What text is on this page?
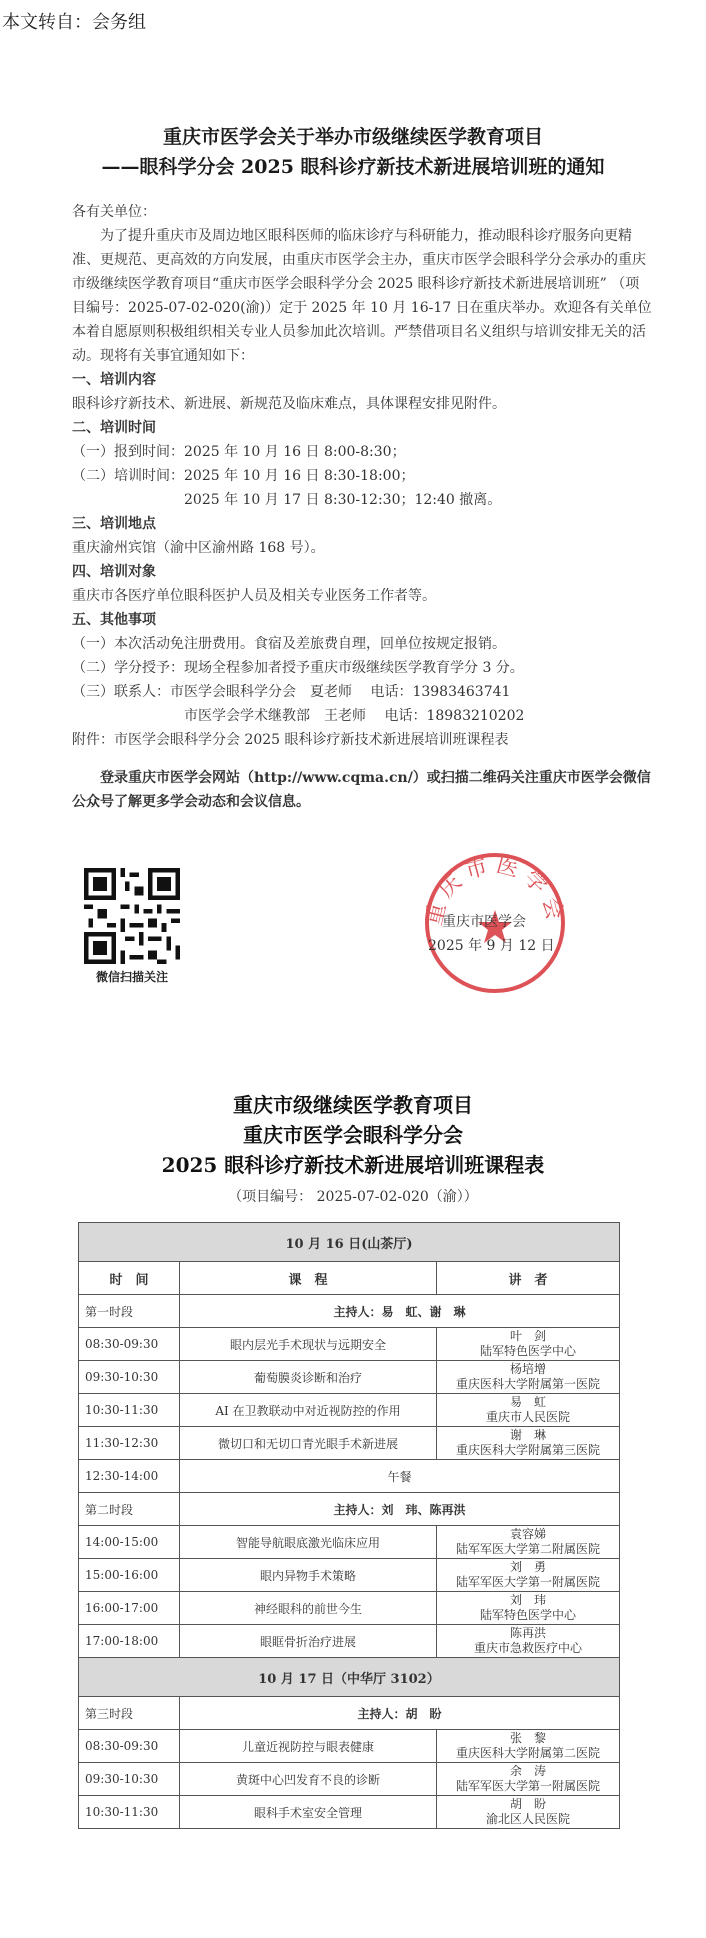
本文转自：会务组
重庆市医学会关于举办市级继续医学教育项目
——眼科学分会 2025 眼科诊疗新技术新进展培训班的通知

各有关单位：

为了提升重庆市及周边地区眼科医师的临床诊疗与科研能力，推动眼科诊疗服务向更精准、更规范、更高效的方向发展，由重庆市医学会主办，重庆市医学会眼科学分会承办的重庆市级继续医学教育项目“重庆市医学会眼科学分会 2025 眼科诊疗新技术新进展培训班” （项目编号：2025-07-02-020(渝)）定于 2025 年 10 月 16-17 日在重庆举办。欢迎各有关单位本着自愿原则积极组织相关专业人员参加此次培训。严禁借项目名义组织与培训安排无关的活动。现将有关事宜通知如下：

一、培训内容

眼科诊疗新技术、新进展、新规范及临床难点，具体课程安排见附件。

二、培训时间

（一）报到时间：2025 年 10 月 16 日 8:00-8:30；

（二）培训时间：2025 年 10 月 16 日 8:30-18:00；

2025 年 10 月 17 日 8:30-12:30；12:40 撤离。

三、培训地点

重庆渝州宾馆（渝中区渝州路 168 号）。

四、培训对象

重庆市各医疗单位眼科医护人员及相关专业医务工作者等。

五、其他事项

（一）本次活动免注册费用。食宿及差旅费自理，回单位按规定报销。

（二）学分授予：现场全程参加者授予重庆市级继续医学教育学分 3 分。

（三）联系人：市医学会眼科学分会　夏老师　 电话：13983463741

市医学会学术继教部　王老师　 电话：18983210202

附件：市医学会眼科学分会 2025 眼科诊疗新技术新进展培训班课程表

登录重庆市医学会网站（http://www.cqma.cn/）或扫描二维码关注重庆市医学会微信公众号了解更多学会动态和会议信息。

微信扫描关注
重庆市医学会
重庆市医学会
2025 年 9 月 12 日
重庆市级继续医学教育项目
重庆市医学会眼科学分会
2025 眼科诊疗新技术新进展培训班课程表
（项目编号： 2025-07-02-020（渝））
10 月 16 日(山茶厅)		
时　间	课　程	讲　者
第一时段	主持人：易　虹、谢　琳	
08:30-09:30	眼内层光手术现状与远期安全	叶　剑
陆军特色医学中心

09:30-10:30	葡萄膜炎诊断和治疗	杨培增
重庆医科大学附属第一医院

10:30-11:30	AI 在卫教联动中对近视防控的作用	易　虹
重庆市人民医院

11:30-12:30	微切口和无切口青光眼手术新进展	谢　琳
重庆医科大学附属第三医院

12:30-14:00	午餐	
第二时段	主持人：刘　玮、陈再洪	
14:00-15:00	智能导航眼底激光临床应用	袁容娣
陆军军医大学第二附属医院

15:00-16:00	眼内异物手术策略	刘　勇
陆军军医大学第一附属医院

16:00-17:00	神经眼科的前世今生	刘　玮
陆军特色医学中心

17:00-18:00	眼眶骨折治疗进展	陈再洪
重庆市急救医疗中心

10 月 17 日（中华厅 3102）		
第三时段	主持人：胡　盼	
08:30-09:30	儿童近视防控与眼表健康	张　黎
重庆医科大学附属第二医院

09:30-10:30	黄斑中心凹发育不良的诊断	余　涛
陆军军医大学第一附属医院

10:30-11:30	眼科手术室安全管理	胡　盼
渝北区人民医院
